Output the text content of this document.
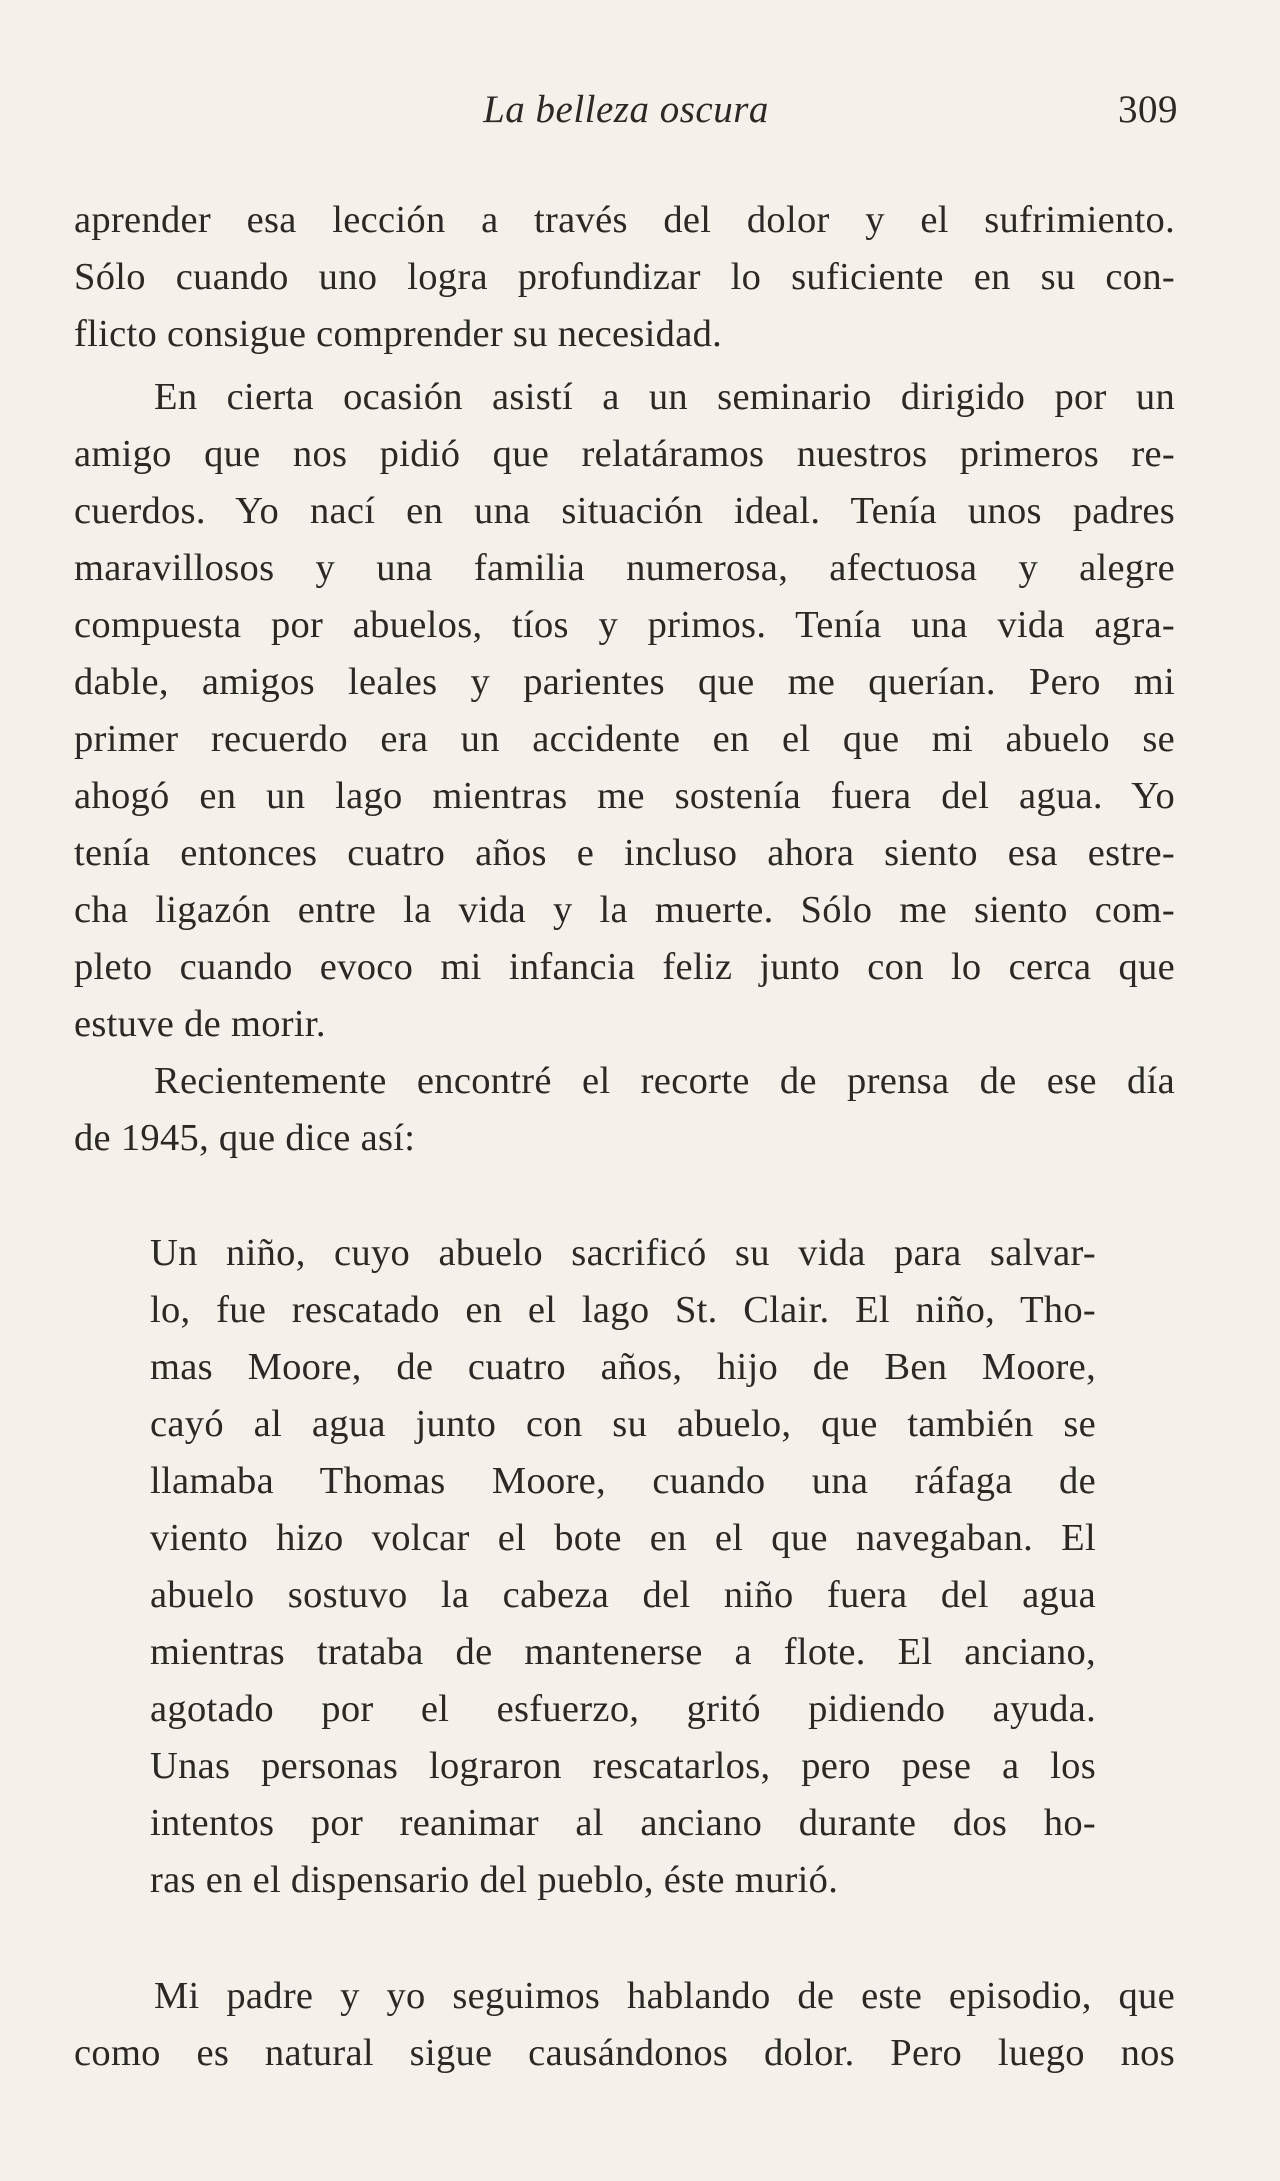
La belleza oscura	309
aprender esa lección a través del dolor y el sufrimiento.
Sólo cuando uno logra profundizar lo suficiente en su con-
flicto consigue comprender su necesidad.
En cierta ocasión asistí a un seminario dirigido por un
amigo que nos pidió que relatáramos nuestros primeros re-
cuerdos. Yo nací en una situación ideal. Tenía unos padres
maravillosos y una familia numerosa, afectuosa y alegre
compuesta por abuelos, tíos y primos. Tenía una vida agra-
dable, amigos leales y parientes que me querían. Pero mi
primer recuerdo era un accidente en el que mi abuelo se
ahogó en un lago mientras me sostenía fuera del agua. Yo
tenía entonces cuatro años e incluso ahora siento esa estre-
cha ligazón entre la vida y la muerte. Sólo me siento com-
pleto cuando evoco mi infancia feliz junto con lo cerca que
estuve de morir.
Recientemente encontré el recorte de prensa de ese día
de 1945, que dice así:
Un niño, cuyo abuelo sacrificó su vida para salvar-
lo, fue rescatado en el lago St. Clair. El niño, Tho-
mas Moore, de cuatro años, hijo de Ben Moore,
cayó al agua junto con su abuelo, que también se
llamaba Thomas Moore, cuando una ráfaga de
viento hizo volcar el bote en el que navegaban. El
abuelo sostuvo la cabeza del niño fuera del agua
mientras trataba de mantenerse a flote. El anciano,
agotado por el esfuerzo, gritó pidiendo ayuda.
Unas personas lograron rescatarlos, pero pese a los
intentos por reanimar al anciano durante dos ho-
ras en el dispensario del pueblo, éste murió.
Mi padre y yo seguimos hablando de este episodio, que
como es natural sigue causándonos dolor. Pero luego nos
